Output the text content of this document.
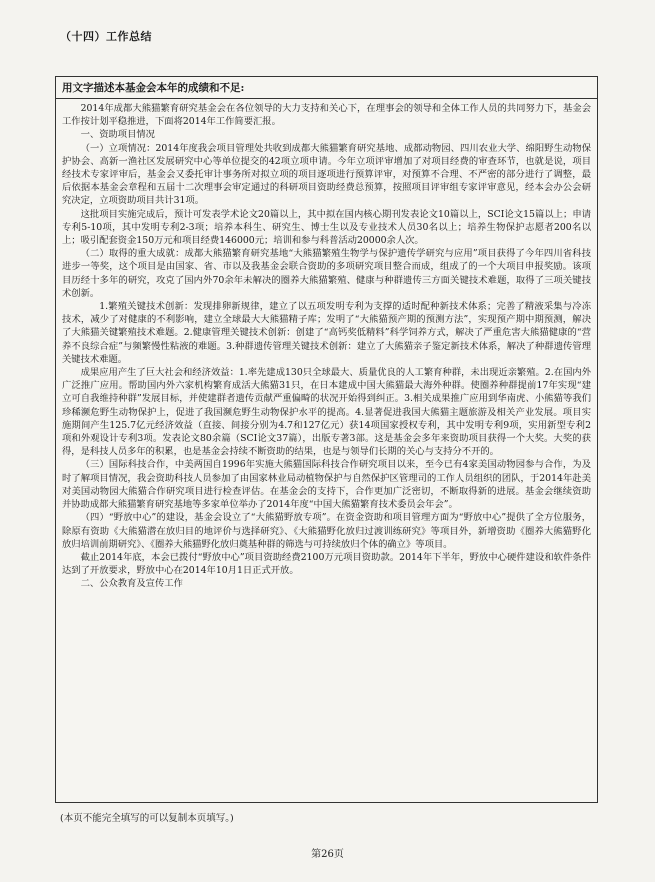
（十四）工作总结
用文字描述本基金会本年的成绩和不足:

2014年成都大熊猫繁育研究基金会在各位领导的大力支持和关心下，在理事会的领导和全体工作人员的共同努力下，基金会工作按计划平稳推进，下面将2014年工作简要汇报。

一、资助项目情况

（一）立项情况：2014年度我会项目管理处共收到成都大熊猫繁育研究基地、成都动物园、四川农业大学、绵阳野生动物保护协会、高新一渔社区发展研究中心等单位提交的42项立项申请。今年立项评审增加了对项目经费的审查环节，也就是说，项目经技术专家评审后，基金会又委托审计事务所对拟立项的项目逐项进行预算评审，对预算不合理、不严密的部分进行了调整，最后依据本基金会章程和五届十二次理事会审定通过的科研项目资助经费总预算，按照项目评审组专家评审意见，经本会办公会研究决定，立项资助项目共计31项。

这批项目实施完成后，预计可发表学术论文20篇以上，其中拟在国内核心期刊发表论文10篇以上，SCI论文15篇以上；申请专利5-10项，其中发明专利2-3项；培养本科生、研究生、博士生以及专业技术人员30名以上；培养生物保护志愿者200名以上；吸引配套资金150万元和项目经费146000元；培训和参与科普活动20000余人次。

（二）取得的重大成就：成都大熊猫繁育研究基地“大熊猫繁殖生物学与保护遗传学研究与应用”项目获得了今年四川省科技进步一等奖，这个项目是由国家、省、市以及我基金会联合资助的多项研究项目整合而成，组成了的一个大项目申报奖励。该项目历经十多年的研究，攻克了国内外70余年未解决的圈养大熊猫繁殖、健康与种群遗传三方面关键技术难题，取得了三项关键技术创新。

1.繁殖关键技术创新：发现排卵新规律，建立了以五项发明专利为支撑的适时配种新技术体系；完善了精液采集与冷冻技术，减少了对健康的不利影响，建立全球最大大熊猫精子库；发明了“大熊猫预产期的预测方法”，实现预产期中期预测，解决了大熊猫关键繁殖技术难题。2.健康管理关键技术创新：创建了“高钙奖低精料”科学饲养方式，解决了严重危害大熊猫健康的“营养不良综合症”与频繁慢性粘液的难题。3.种群遗传管理关键技术创新：建立了大熊猫亲子鉴定新技术体系，解决了种群遗传管理关键技术难题。

成果应用产生了巨大社会和经济效益：1.率先建成130只全球最大、质量优良的人工繁育种群，未出现近亲繁殖。2.在国内外广泛推广应用。帮助国内外六家机构繁育成活大熊猫31只，在日本建成中国大熊猫最大海外种群。使圈养种群提前17年实现“建立可自我维持种群”发展目标，并使建群者遗传贡献严重偏畸的状况开始得到纠正。3.相关成果推广应用到华南虎、小熊猫等我们珍稀濒危野生动物保护上，促进了我国濒危野生动物保护水平的提高。4.显著促进我国大熊猫主题旅游及相关产业发展。项目实施期间产生125.7亿元经济效益（直接、间接分别为4.7和127亿元）获14项国家授权专利，其中发明专利9项，实用新型专利2项和外观设计专利3项。发表论文80余篇（SCI论文37篇），出版专著3部。这是基金会多年来资助项目获得一个大奖。大奖的获得，是科技人员多年的积累，也是基金会持续不断资助的结果，也是与领导们长期的关心与支持分不开的。

（三）国际科技合作，中美两国自1996年实施大熊猫国际科技合作研究项目以来，至今已有4家美国动物园参与合作，为及时了解项目情况，我会资助科技人员参加了由国家林业局动植物保护与自然保护区管理司的工作人员组织的团队，于2014年赴美对美国动物园大熊猫合作研究项目进行检查评估。在基金会的支持下，合作更加广泛密切，不断取得新的进展。基金会继续资助并协助成都大熊猫繁育研究基地等多家单位举办了2014年度“中国大熊猫繁育技术委员会年会”。

（四）“野放中心”的建设，基金会设立了“大熊猫野放专项”。在资金资助和项目管理方面为“野放中心”提供了全方位服务，除原有资助《大熊猫潜在放归目的地评价与选择研究》、《大熊猫野化放归过渡训练研究》等项目外，新增资助《圈养大熊猫野化放归培训前期研究》、《圈养大熊猫野化放归奠基种群的筛选与可持续放归个体的确立》等项目。

截止2014年底，本会已拨付“野放中心”项目资助经费2100万元项目资助款。2014年下半年，野放中心硬件建设和软件条件达到了开放要求，野放中心在2014年10月1日正式开放。

二、公众教育及宣传工作

(本页不能完全填写的可以复制本页填写。)
第26页
